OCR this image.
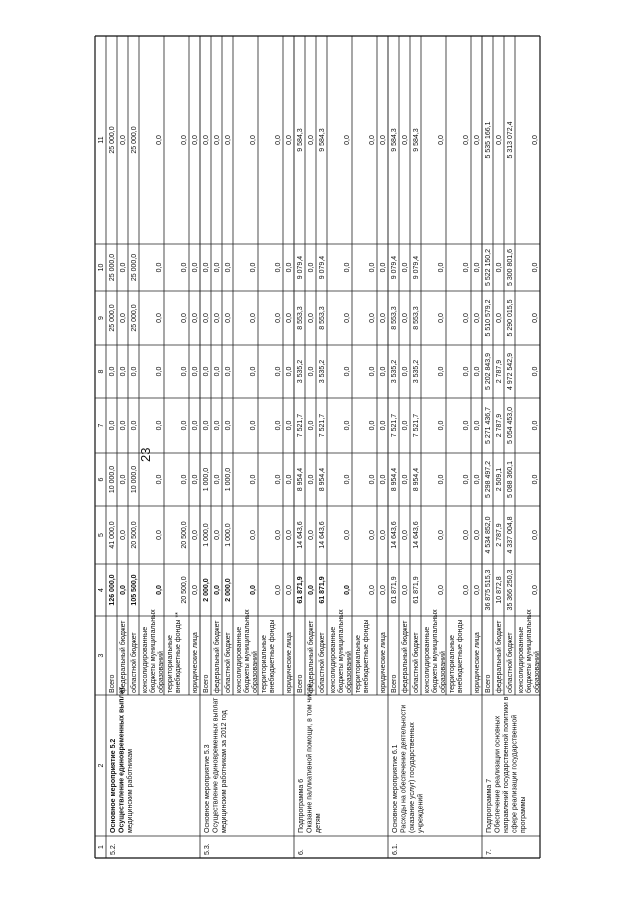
23
1
2
3
4
5
6
7
8
9
10
11
Всего
126 000,0
41 000,0
10 000,0
0,0
0,0
25 000,0
25 000,0
25 000,0
федеральный бюджет
0,0
0,0
0,0
0,0
0,0
0,0
0,0
0,0
областной бюджет
105 500,0
20 500,0
10 000,0
0,0
0,0
25 000,0
25 000,0
25 000,0
консолидированные бюджеты муниципальных образований
0,0
0,0
0,0
0,0
0,0
0,0
0,0
0,0
территориальные внебюджетные фонды **
20 500,0
20 500,0
0,0
0,0
0,0
0,0
0,0
0,0
юридические лица
0,0
0,0
0,0
0,0
0,0
0,0
0,0
0,0
Основное мероприятие 5.2 Осуществление единовременных выплат медицинским работникам
5.2.
Всего
2 000,0
1 000,0
1 000,0
0,0
0,0
0,0
0,0
0,0
федеральный бюджет
0,0
0,0
0,0
0,0
0,0
0,0
0,0
0,0
областной бюджет
2 000,0
1 000,0
1 000,0
0,0
0,0
0,0
0,0
0,0
консолидированные бюджеты муниципальных образований
0,0
0,0
0,0
0,0
0,0
0,0
0,0
0,0
территориальные внебюджетные фонды
0,0
0,0
0,0
0,0
0,0
0,0
0,0
0,0
юридические лица
0,0
0,0
0,0
0,0
0,0
0,0
0,0
0,0
Основное мероприятие 5.3 Осуществление единовременных выплат медицинским работникам за 2012 год
5.3.
Всего
61 871,9
14 643,6
8 954,4
7 521,7
3 535,2
8 553,3
9 079,4
9 584,3
федеральный бюджет
0,0
0,0
0,0
0,0
0,0
0,0
0,0
0,0
областной бюджет
61 871,9
14 643,6
8 954,4
7 521,7
3 535,2
8 553,3
9 079,4
9 584,3
консолидированные бюджеты муниципальных образований
0,0
0,0
0,0
0,0
0,0
0,0
0,0
0,0
территориальные внебюджетные фонды
0,0
0,0
0,0
0,0
0,0
0,0
0,0
0,0
юридические лица
0,0
0,0
0,0
0,0
0,0
0,0
0,0
0,0
Подпрограмма 6 Оказание паллиативной помощи, в том числе детям
6.
Всего
61 871,9
14 643,6
8 954,4
7 521,7
3 535,2
8 553,3
9 079,4
9 584,3
федеральный бюджет
0,0
0,0
0,0
0,0
0,0
0,0
0,0
0,0
областной бюджет
61 871,9
14 643,6
8 954,4
7 521,7
3 535,2
8 553,3
9 079,4
9 584,3
консолидированные бюджеты муниципальных образований
0,0
0,0
0,0
0,0
0,0
0,0
0,0
0,0
территориальные внебюджетные фонды
0,0
0,0
0,0
0,0
0,0
0,0
0,0
0,0
юридические лица
0,0
0,0
0,0
0,0
0,0
0,0
0,0
0,0
Основное мероприятие 6.1 Расходы на обеспечение деятельности (оказание услуг) государственных учреждений
6.1.
Всего
36 875 515,3
4 534 852,0
5 298 497,2
5 271 436,7
5 202 843,9
5 510 579,2
5 522 150,2
5 535 166,1
федеральный бюджет
10 872,8
2 787,9
2 509,1
2 787,9
2 787,9
0,0
0,0
0,0
областной бюджет
35 366 250,3
4 337 004,8
5 088 360,1
5 054 453,0
4 972 542,9
5 290 015,5
5 300 801,6
5 313 072,4
консолидированные бюджеты муниципальных образований
0,0
0,0
0,0
0,0
0,0
0,0
0,0
0,0
Подпрограмма 7 Обеспечение реализации основных направлений государственной политики в сфере реализации государственной программы
7.
